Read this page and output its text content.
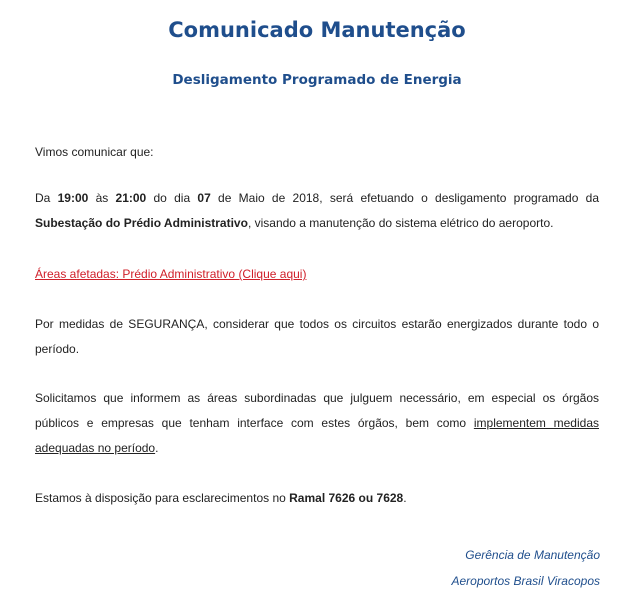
Comunicado Manutenção
Desligamento Programado de Energia

Vimos comunicar que:

Da 19:00 às 21:00 do dia 07 de Maio de 2018, será efetuando o desligamento programado da Subestação do Prédio Administrativo, visando a manutenção do sistema elétrico do aeroporto.

Áreas afetadas: Prédio Administrativo (Clique aqui)

Por medidas de SEGURANÇA, considerar que todos os circuitos estarão energizados durante todo o período.

Solicitamos que informem as áreas subordinadas que julguem necessário, em especial os órgãos públicos e empresas que tenham interface com estes órgãos, bem como implementem medidas adequadas no período.

Estamos à disposição para esclarecimentos no Ramal 7626 ou 7628.

Gerência de Manutenção
Aeroportos Brasil Viracopos
